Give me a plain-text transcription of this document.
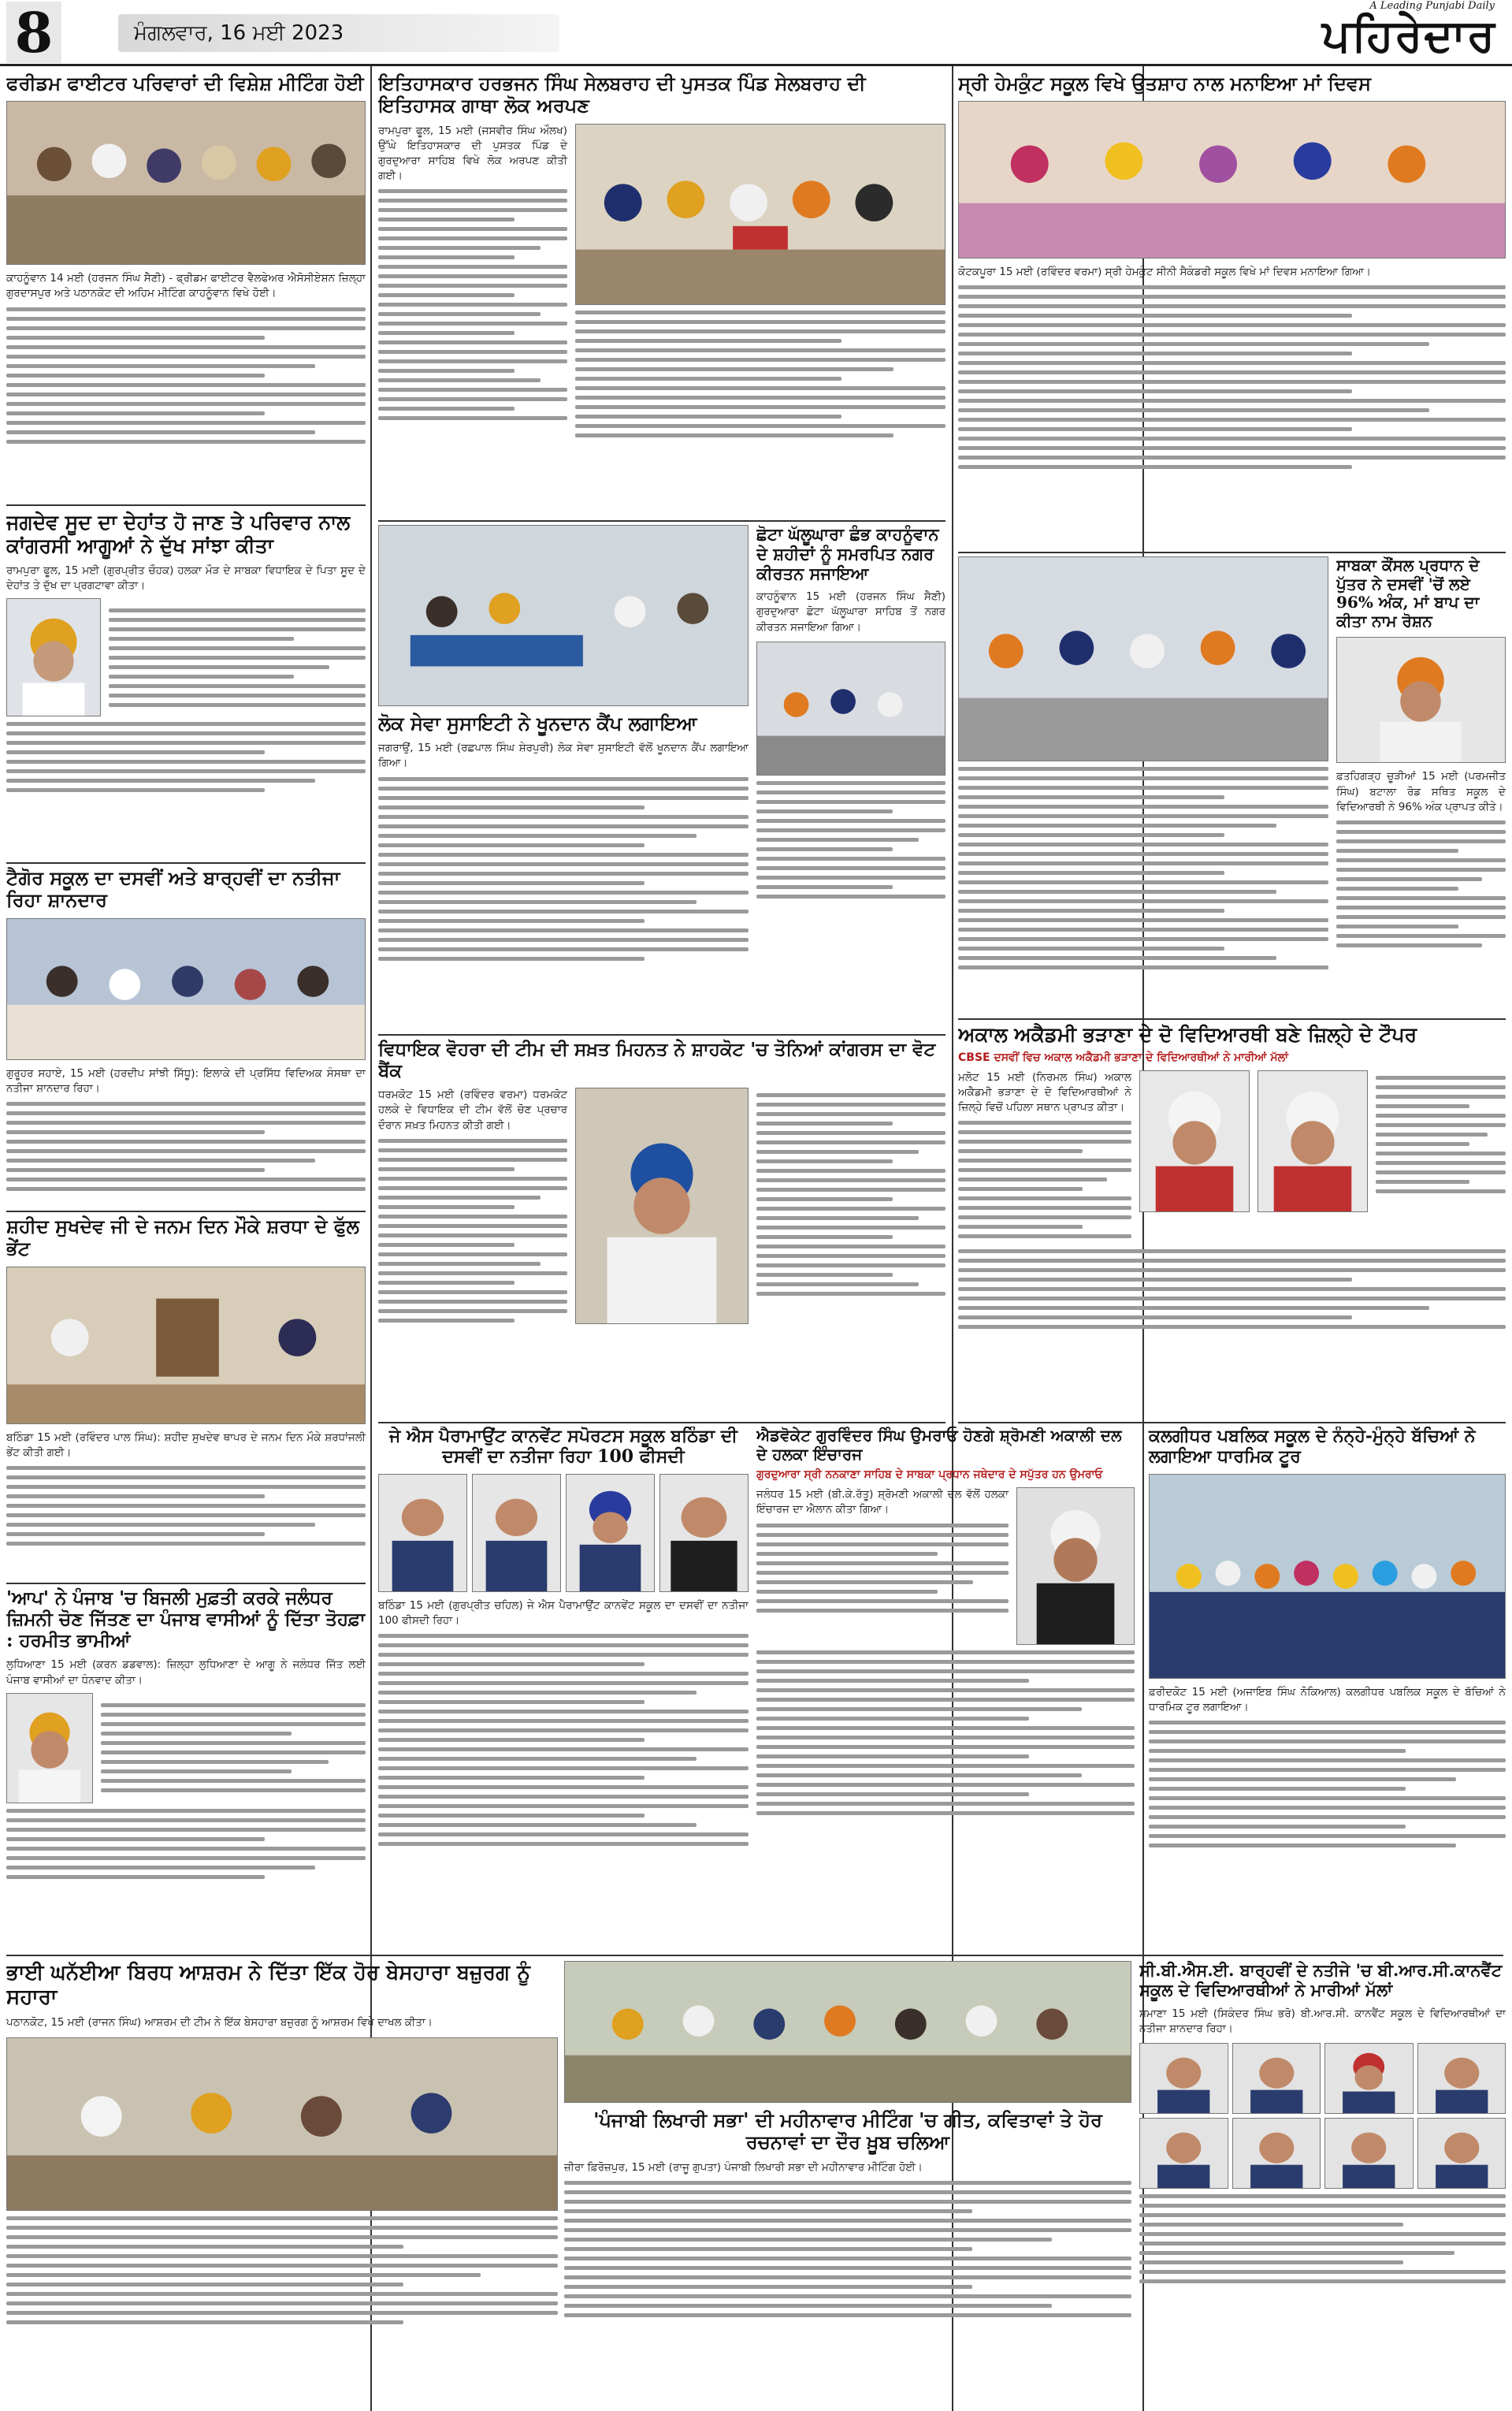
8	ਮੰਗਲਵਾਰ, 16 ਮਈ 2023
A Leading Punjabi Daily
ਪਹਿਰੇਦਾਰ
ਫਰੀਡਮ ਫਾਈਟਰ ਪਰਿਵਾਰਾਂ ਦੀ ਵਿਸ਼ੇਸ਼ ਮੀਟਿੰਗ ਹੋਈ

ਕਾਹਨੂੰਵਾਨ 14 ਮਈ (ਹਰਜਨ ਸਿੰਘ ਸੈਣੀ) - ਫ੍ਰੀਡਮ ਫਾਈਟਰ ਵੈਲਫੇਅਰ ਐਸੋਸੀਏਸ਼ਨ ਜ਼ਿਲ੍ਹਾ ਗੁਰਦਾਸਪੁਰ ਅਤੇ ਪਠਾਨਕੋਟ ਦੀ ਅਹਿਮ ਮੀਟਿੰਗ ਕਾਹਨੂੰਵਾਨ ਵਿਖੇ ਹੋਈ।

ਜਗਦੇਵ ਸੂਦ ਦਾ ਦੇਹਾਂਤ ਹੋ ਜਾਣ ਤੇ ਪਰਿਵਾਰ ਨਾਲ ਕਾਂਗਰਸੀ ਆਗੂਆਂ ਨੇ ਦੁੱਖ ਸਾਂਝਾ ਕੀਤਾ

ਰਾਮਪੁਰਾ ਫੂਲ, 15 ਮਈ (ਗੁਰਪ੍ਰੀਤ ਚੌਹਕ) ਹਲਕਾ ਮੌੜ ਦੇ ਸਾਬਕਾ ਵਿਧਾਇਕ ਦੇ ਪਿਤਾ ਸੂਦ ਦੇ ਦੇਹਾਂਤ ਤੇ ਦੁੱਖ ਦਾ ਪ੍ਰਗਟਾਵਾ ਕੀਤਾ।

ਟੈਗੋਰ ਸਕੂਲ ਦਾ ਦਸਵੀਂ ਅਤੇ ਬਾਰ੍ਹਵੀਂ ਦਾ ਨਤੀਜਾ ਰਿਹਾ ਸ਼ਾਨਦਾਰ

ਗੁਰੂਹਰ ਸਹਾਏ, 15 ਮਈ (ਹਰਦੀਪ ਸਾਂਝੀ ਸਿੱਧੂ): ਇਲਾਕੇ ਦੀ ਪ੍ਰਸਿੱਧ ਵਿਦਿਅਕ ਸੰਸਥਾ ਦਾ ਨਤੀਜਾ ਸ਼ਾਨਦਾਰ ਰਿਹਾ।

ਸ਼ਹੀਦ ਸੁਖਦੇਵ ਜੀ ਦੇ ਜਨਮ ਦਿਨ ਮੌਕੇ ਸ਼ਰਧਾ ਦੇ ਫੁੱਲ ਭੇਂਟ

ਬਠਿੰਡਾ 15 ਮਈ (ਰਵਿੰਦਰ ਪਾਲ ਸਿੰਘ): ਸ਼ਹੀਦ ਸੁਖਦੇਵ ਥਾਪਰ ਦੇ ਜਨਮ ਦਿਨ ਮੌਕੇ ਸ਼ਰਧਾਂਜਲੀ ਭੇਂਟ ਕੀਤੀ ਗਈ।

'ਆਪ' ਨੇ ਪੰਜਾਬ 'ਚ ਬਿਜਲੀ ਮੁਫ਼ਤੀ ਕਰਕੇ ਜਲੰਧਰ ਜ਼ਿਮਨੀ ਚੋਣ ਜਿੱਤਣ ਦਾ ਪੰਜਾਬ ਵਾਸੀਆਂ ਨੂੰ ਦਿੱਤਾ ਤੋਹਫ਼ਾ : ਹਰਮੀਤ ਭਾਮੀਆਂ

ਲੁਧਿਆਣਾ 15 ਮਈ (ਕਰਨ ਡਡਵਾਲ): ਜ਼ਿਲ੍ਹਾ ਲੁਧਿਆਣਾ ਦੇ ਆਗੂ ਨੇ ਜਲੰਧਰ ਜਿੱਤ ਲਈ ਪੰਜਾਬ ਵਾਸੀਆਂ ਦਾ ਧੰਨਵਾਦ ਕੀਤਾ।

ਭਾਈ ਘਨੱਈਆ ਬਿਰਧ ਆਸ਼ਰਮ ਨੇ ਦਿੱਤਾ ਇੱਕ ਹੋਰ ਬੇਸਹਾਰਾ ਬਜ਼ੁਰਗ ਨੂੰ ਸਹਾਰਾ

ਪਠਾਨਕੋਟ, 15 ਮਈ (ਰਾਜਨ ਸਿੰਘ) ਆਸ਼ਰਮ ਦੀ ਟੀਮ ਨੇ ਇੱਕ ਬੇਸਹਾਰਾ ਬਜ਼ੁਰਗ ਨੂੰ ਆਸ਼ਰਮ ਵਿਖੇ ਦਾਖਲ ਕੀਤਾ।

ਇਤਿਹਾਸਕਾਰ ਹਰਭਜਨ ਸਿੰਘ ਸੇਲਬਰਾਹ ਦੀ ਪੁਸਤਕ ਪਿੰਡ ਸੇਲਬਰਾਹ ਦੀ ਇਤਿਹਾਸਕ ਗਾਥਾ ਲੋਕ ਅਰਪਣ

ਰਾਮਪੁਰਾ ਫੂਲ, 15 ਮਈ (ਜਸਵੀਰ ਸਿੰਘ ਔਲਖ) ਉੱਘੇ ਇਤਿਹਾਸਕਾਰ ਦੀ ਪੁਸਤਕ ਪਿੰਡ ਦੇ ਗੁਰਦੁਆਰਾ ਸਾਹਿਬ ਵਿਖੇ ਲੋਕ ਅਰਪਣ ਕੀਤੀ ਗਈ।

ਲੋਕ ਸੇਵਾ ਸੁਸਾਇਟੀ ਨੇ ਖੂਨਦਾਨ ਕੈਂਪ ਲਗਾਇਆ

ਜਗਰਾਉਂ, 15 ਮਈ (ਰਛਪਾਲ ਸਿੰਘ ਸ਼ੇਰਪੁਰੀ) ਲੋਕ ਸੇਵਾ ਸੁਸਾਇਟੀ ਵੱਲੋਂ ਖੂਨਦਾਨ ਕੈਂਪ ਲਗਾਇਆ ਗਿਆ।

ਛੋਟਾ ਘੱਲੂਘਾਰਾ ਛੰਭ ਕਾਹਨੂੰਵਾਨ ਦੇ ਸ਼ਹੀਦਾਂ ਨੂੰ ਸਮਰਪਿਤ ਨਗਰ ਕੀਰਤਨ ਸਜਾਇਆ

ਕਾਹਨੂੰਵਾਨ 15 ਮਈ (ਹਰਜਨ ਸਿੰਘ ਸੈਣੀ) ਗੁਰਦੁਆਰਾ ਛੋਟਾ ਘੱਲੂਘਾਰਾ ਸਾਹਿਬ ਤੋਂ ਨਗਰ ਕੀਰਤਨ ਸਜਾਇਆ ਗਿਆ।

ਵਿਧਾਇਕ ਵੋਹਰਾ ਦੀ ਟੀਮ ਦੀ ਸਖ਼ਤ ਮਿਹਨਤ ਨੇ ਸ਼ਾਹਕੋਟ 'ਚ ਤੋਨਿਆਂ ਕਾਂਗਰਸ ਦਾ ਵੋਟ ਬੈਂਕ

ਧਰਮਕੋਟ 15 ਮਈ (ਰਵਿੰਦਰ ਵਰਮਾ) ਧਰਮਕੋਟ ਹਲਕੇ ਦੇ ਵਿਧਾਇਕ ਦੀ ਟੀਮ ਵੱਲੋਂ ਚੋਣ ਪ੍ਰਚਾਰ ਦੌਰਾਨ ਸਖ਼ਤ ਮਿਹਨਤ ਕੀਤੀ ਗਈ।

ਜੇ ਐਸ ਪੈਰਾਮਾਉਂਟ ਕਾਨਵੇਂਟ ਸਪੋਰਟਸ ਸਕੂਲ ਬਠਿੰਡਾ ਦੀ ਦਸਵੀਂ ਦਾ ਨਤੀਜਾ ਰਿਹਾ 100 ਫੀਸਦੀ

ਬਠਿੰਡਾ 15 ਮਈ (ਗੁਰਪ੍ਰੀਤ ਚਹਿਲ) ਜੇ ਐਸ ਪੈਰਾਮਾਉਂਟ ਕਾਨਵੇਂਟ ਸਕੂਲ ਦਾ ਦਸਵੀਂ ਦਾ ਨਤੀਜਾ 100 ਫੀਸਦੀ ਰਿਹਾ।

ਐਡਵੋਕੇਟ ਗੁਰਵਿੰਦਰ ਸਿੰਘ ਉਮਰਾਓ ਹੋਣਗੇ ਸ਼੍ਰੋਮਣੀ ਅਕਾਲੀ ਦਲ ਦੇ ਹਲਕਾ ਇੰਚਾਰਜ

ਗੁਰਦੁਆਰਾ ਸ੍ਰੀ ਨਨਕਾਣਾ ਸਾਹਿਬ ਦੇ ਸਾਬਕਾ ਪ੍ਰਧਾਨ ਜਥੇਦਾਰ ਦੇ ਸਪੁੱਤਰ ਹਨ ਉਮਰਾਓ

ਜਲੰਧਰ 15 ਮਈ (ਬੀ.ਕੇ.ਰੱਤੂ) ਸ਼੍ਰੋਮਣੀ ਅਕਾਲੀ ਦਲ ਵੱਲੋਂ ਹਲਕਾ ਇੰਚਾਰਜ ਦਾ ਐਲਾਨ ਕੀਤਾ ਗਿਆ।

'ਪੰਜਾਬੀ ਲਿਖਾਰੀ ਸਭਾ' ਦੀ ਮਹੀਨਾਵਾਰ ਮੀਟਿੰਗ 'ਚ ਗੀਤ, ਕਵਿਤਾਵਾਂ ਤੇ ਹੋਰ ਰਚਨਾਵਾਂ ਦਾ ਦੌਰ ਖ਼ੂਬ ਚਲਿਆ

ਜ਼ੀਰਾ ਫ਼ਿਰੋਜ਼ਪੁਰ, 15 ਮਈ (ਰਾਜੂ ਗੁਪਤਾ) ਪੰਜਾਬੀ ਲਿਖਾਰੀ ਸਭਾ ਦੀ ਮਹੀਨਾਵਾਰ ਮੀਟਿੰਗ ਹੋਈ।

ਸ੍ਰੀ ਹੇਮਕੁੰਟ ਸਕੂਲ ਵਿਖੇ ਉਤਸ਼ਾਹ ਨਾਲ ਮਨਾਇਆ ਮਾਂ ਦਿਵਸ

ਕੋਟਕਪੂਰਾ 15 ਮਈ (ਰਵਿੰਦਰ ਵਰਮਾ) ਸ੍ਰੀ ਹੇਮਕੁੰਟ ਸੀਨੀ ਸੈਕੰਡਰੀ ਸਕੂਲ ਵਿਖੇ ਮਾਂ ਦਿਵਸ ਮਨਾਇਆ ਗਿਆ।

ਸਾਬਕਾ ਕੌਂਸਲ ਪ੍ਰਧਾਨ ਦੇ ਪੁੱਤਰ ਨੇ ਦਸਵੀਂ 'ਚੋਂ ਲਏ 96% ਅੰਕ, ਮਾਂ ਬਾਪ ਦਾ ਕੀਤਾ ਨਾਮ ਰੋਸ਼ਨ

ਫ਼ਤਹਿਗੜ੍ਹ ਚੂੜੀਆਂ 15 ਮਈ (ਪਰਮਜੀਤ ਸਿੰਘ) ਬਟਾਲਾ ਰੋਡ ਸਥਿਤ ਸਕੂਲ ਦੇ ਵਿਦਿਆਰਥੀ ਨੇ 96% ਅੰਕ ਪ੍ਰਾਪਤ ਕੀਤੇ।

ਅਕਾਲ ਅਕੈਡਮੀ ਭੜਾਣਾ ਦੇ ਦੋ ਵਿਦਿਆਰਥੀ ਬਣੇ ਜ਼ਿਲ੍ਹੇ ਦੇ ਟੌਪਰ

CBSE ਦਸਵੀਂ ਵਿਚ ਅਕਾਲ ਅਕੈਡਮੀ ਭੜਾਣਾ ਦੇ ਵਿਦਿਆਰਥੀਆਂ ਨੇ ਮਾਰੀਆਂ ਮੱਲਾਂ

ਮਲੋਟ 15 ਮਈ (ਨਿਰਮਲ ਸਿੰਘ) ਅਕਾਲ ਅਕੈਡਮੀ ਭੜਾਣਾ ਦੇ ਦੋ ਵਿਦਿਆਰਥੀਆਂ ਨੇ ਜ਼ਿਲ੍ਹੇ ਵਿਚੋਂ ਪਹਿਲਾ ਸਥਾਨ ਪ੍ਰਾਪਤ ਕੀਤਾ।

ਕਲਗੀਧਰ ਪਬਲਿਕ ਸਕੂਲ ਦੇ ਨੰਨ੍ਹੇ-ਮੁੰਨ੍ਹੇ ਬੱਚਿਆਂ ਨੇ ਲਗਾਇਆ ਧਾਰਮਿਕ ਟੂਰ

ਫ਼ਰੀਦਕੋਟ 15 ਮਈ (ਅਜਾਇਬ ਸਿੰਘ ਨੋਕਿਆਲ) ਕਲਗੀਧਰ ਪਬਲਿਕ ਸਕੂਲ ਦੇ ਬੱਚਿਆਂ ਨੇ ਧਾਰਮਿਕ ਟੂਰ ਲਗਾਇਆ।

ਸੀ.ਬੀ.ਐਸ.ਈ. ਬਾਰ੍ਹਵੀਂ ਦੇ ਨਤੀਜੇ 'ਚ ਬੀ.ਆਰ.ਸੀ.ਕਾਨਵੈਂਟ ਸਕੂਲ ਦੇ ਵਿਦਿਆਰਥੀਆਂ ਨੇ ਮਾਰੀਆਂ ਮੱਲਾਂ

ਸਮਾਣਾ 15 ਮਈ (ਸਿਕੰਦਰ ਸਿੰਘ ਭਰੋ) ਬੀ.ਆਰ.ਸੀ. ਕਾਨਵੈਂਟ ਸਕੂਲ ਦੇ ਵਿਦਿਆਰਥੀਆਂ ਦਾ ਨਤੀਜਾ ਸ਼ਾਨਦਾਰ ਰਿਹਾ।
